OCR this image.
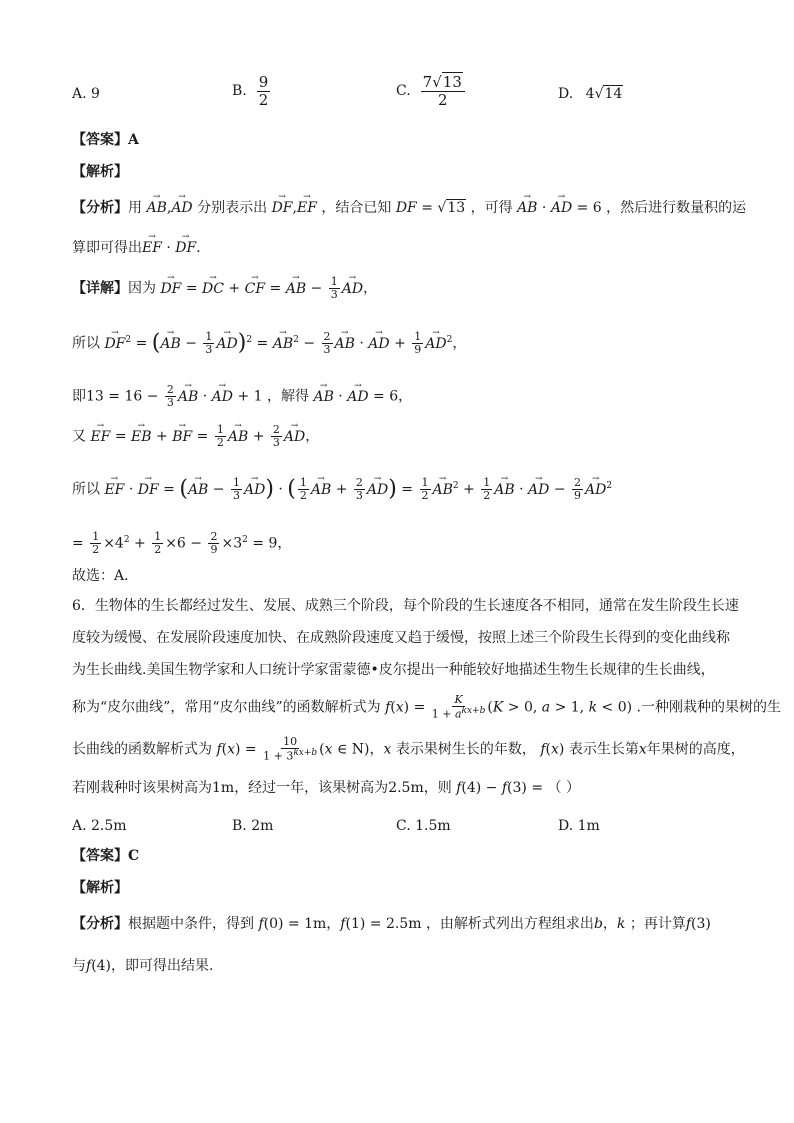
A. 9	B. $\frac{9}{2}$	C. $\frac{7√13}{2}$	D. 4√14
【答案】A
【解析】
【分析】用 → AB,→ AD 分别表示出 → DF,→ EF ，结合已知 DF = √13 ，可得 → AB · → AD = 6 ，然后进行数量积的运
算即可得出→ EF · → DF．
【详解】因为 → DF = → DC + → CF = → AB − $\frac{1}{3}$
→ AD，
所以 → $DF^2$ = (→ AB − $\frac{1}{3}$
→ AD)$^2$ = → $AB^2 - \frac{2}{3}$
→ AB · → AD + $\frac{1}{9}$
→ $AD^2$，
即$13 = 16 - \frac{2}{3}$
→ AB · → AD + 1 ，解得 → AB · → AD = 6，
又 → EF = → EB + → BF = $\frac{1}{2}$
→ AB + $\frac{2}{3}$
→ AD，
所以 → EF · → DF = (→ AB − $\frac{1}{3}$
→ AD) · ( $\frac{1}{2}$
→ AB + $\frac{2}{3}$
→ $AD) = \frac{1}{2}$
→ $AB^2 + \frac{1}{2}$
→ AB · → AD − $\frac{2}{9}$
→ $AD^2$
= $\frac{1}{2} \times 4^2 + \frac{1}{2} \times 6 - \frac{2}{9} \times 3^2 = 9$，
故选：A．
6．生物体的生长都经过发生、发展、成熟三个阶段，每个阶段的生长速度各不相同，通常在发生阶段生长速
度较为缓慢、在发展阶段速度加快、在成熟阶段速度又趋于缓慢，按照上述三个阶段生长得到的变化曲线称
为生长曲线.美国生物学家和人口统计学家雷蒙德•皮尔提出一种能较好地描述生物生长规律的生长曲线，
称为“皮尔曲线”，常用“皮尔曲线”的函数解析式为 $f(x) = \frac{K}{1 + a^{kx+b}} (K > 0$, a > 1, k < 0) .一种刚栽种的果树的生
长曲线的函数解析式为 $f(x) = \frac{10}{1 + 3^{kx+b}} (x$ ∈ N)，x 表示果树生长的年数， f(x) 表示生长第x年果树的高度，
若刚栽种时该果树高为1m，经过一年，该果树高为2.5m，则 f(4) − f(3) = （ ）
A. 2.5m	B. 2m	C. 1.5m	D. 1m
【答案】C
【解析】
【分析】根据题中条件，得到 f(0) = 1m，f(1) = 2.5m ，由解析式列出方程组求出b，k ；再计算f(3)
与f(4)，即可得出结果.
